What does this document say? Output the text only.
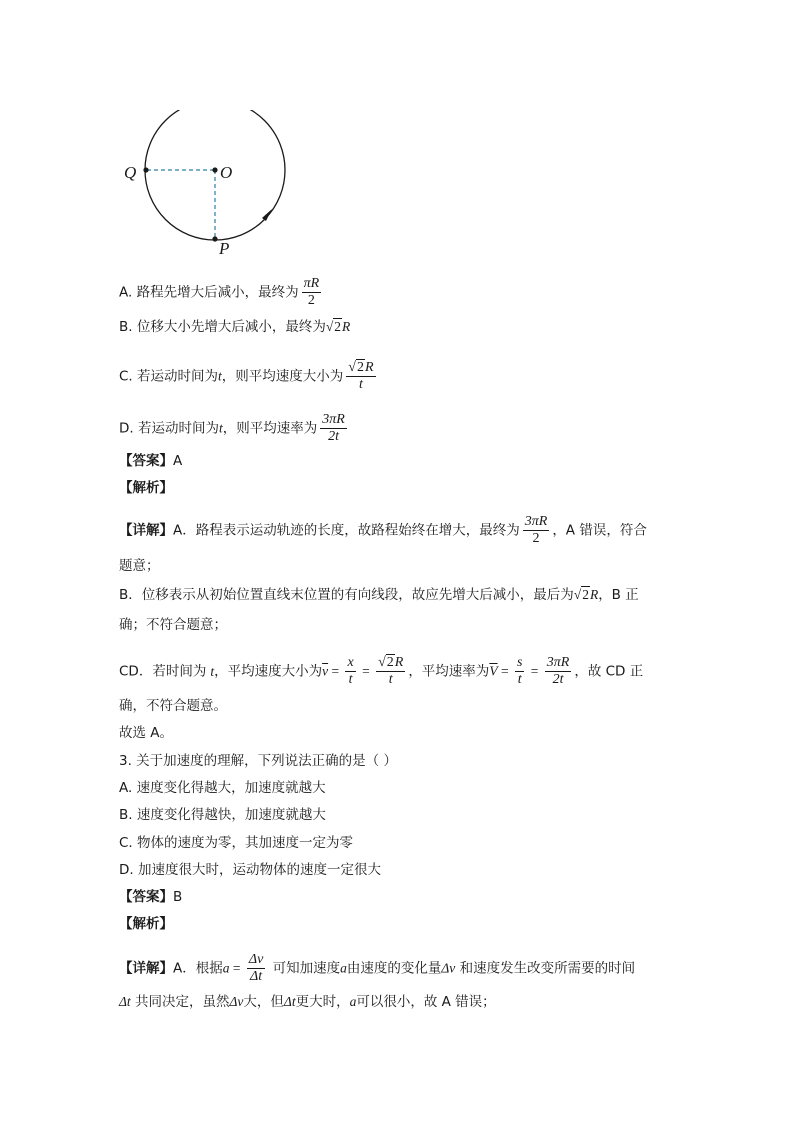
Q	O
P
A. 路程先增大后减小，最终为 $\frac{\pi R}{2}$
B. 位移大小先增大后减小，最终为√2R
C. 若运动时间为t，则平均速度大小为 $\frac{√2R}{t}$
D. 若运动时间为t，则平均速率为 $\frac{3\pi R}{2t}$
【答案】A
【解析】
【详解】A．路程表示运动轨迹的长度，故路程始终在增大，最终为 $\frac{3\pi R}{2}$ ，A 错误，符合
题意；
B．位移表示从初始位置直线末位置的有向线段，故应先增大后减小，最后为√2R，B 正
确；不符合题意；
CD．若时间为 t，平均速度大小为$\overline{v} = \frac{x}{t} = \frac{√2R}{t}$ ，平均速率为$\overline{V} = \frac{s}{t} = \frac{3\pi R}{2t}$ ，故 CD 正
确，不符合题意。
故选 A。
3. 关于加速度的理解，下列说法正确的是（ ）
A. 速度变化得越大，加速度就越大
B. 速度变化得越快，加速度就越大
C. 物体的速度为零，其加速度一定为零
D. 加速度很大时，运动物体的速度一定很大
【答案】B
【解析】
【详解】A．根据$a = \frac{\Delta v}{\Delta t}$ 可知加速度a由速度的变化量Δv 和速度发生改变所需要的时间
Δt 共同决定，虽然Δv大，但Δt更大时，a可以很小，故 A 错误；
